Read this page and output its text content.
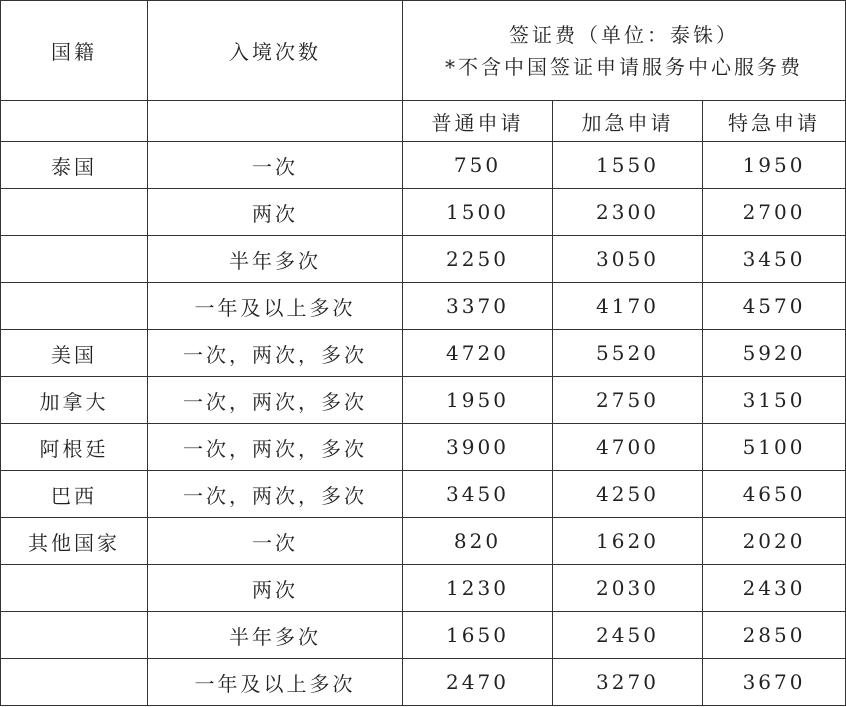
国籍	入境次数	签证费（单位：泰铢）
*不含中国签证申请服务中心服务费		

		普通申请	加急申请	特急申请
泰国	一次	750	1550	1950
	两次	1500	2300	2700
	半年多次	2250	3050	3450
	一年及以上多次	3370	4170	4570
美国	一次，两次，多次	4720	5520	5920
加拿大	一次，两次，多次	1950	2750	3150
阿根廷	一次，两次，多次	3900	4700	5100
巴西	一次，两次，多次	3450	4250	4650
其他国家	一次	820	1620	2020
	两次	1230	2030	2430
	半年多次	1650	2450	2850
	一年及以上多次	2470	3270	3670
